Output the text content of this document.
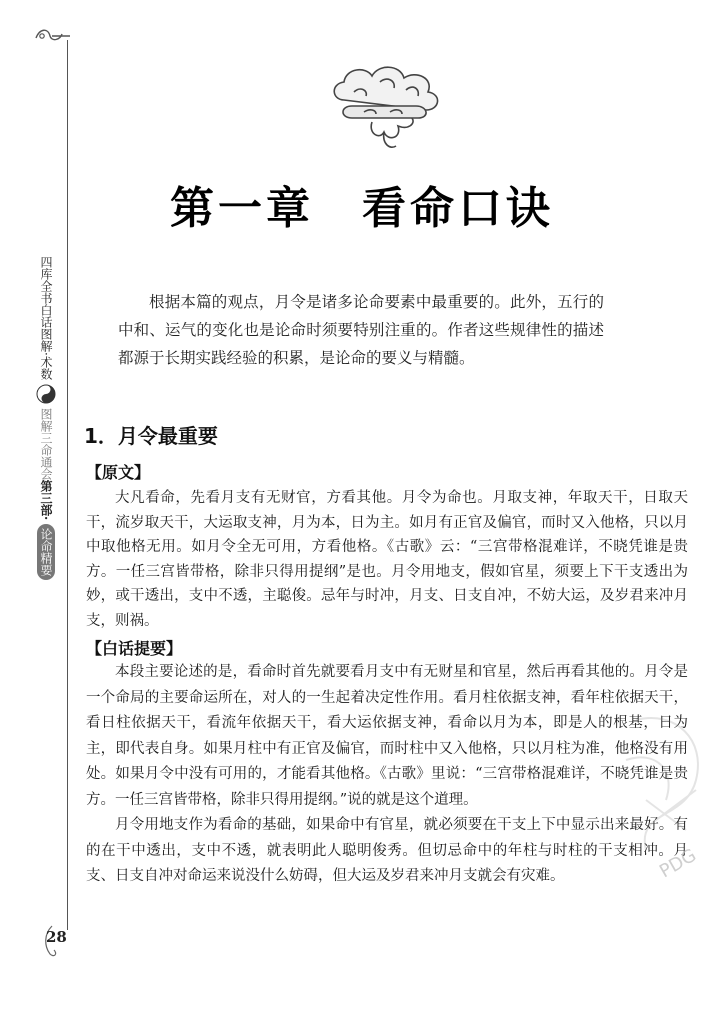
四库全书白话图解·术数
图解三命通会
第三部·
论命精要
第一章　看命口诀

根据本篇的观点，月令是诸多论命要素中最重要的。此外，五行的中和、运气的变化也是论命时须要特别注重的。作者这些规律性的描述都源于长期实践经验的积累，是论命的要义与精髓。

1．月令最重要
【原文】

大凡看命，先看月支有无财官，方看其他。月令为命也。月取支神，年取天干，日取天干，流岁取天干，大运取支神，月为本，日为主。如月有正官及偏官，而时又入他格，只以月中取他格无用。如月令全无可用，方看他格。《古歌》云：“三宫带格混难详，不晓凭谁是贵方。一任三宫皆带格，除非只得用提纲”是也。月令用地支，假如官星，须要上下干支透出为妙，或干透出，支中不透，主聪俊。忌年与时冲，月支、日支自冲，不妨大运，及岁君来冲月支，则祸。

【白话提要】

本段主要论述的是，看命时首先就要看月支中有无财星和官星，然后再看其他的。月令是一个命局的主要命运所在，对人的一生起着决定性作用。看月柱依据支神，看年柱依据天干，看日柱依据天干，看流年依据天干，看大运依据支神，看命以月为本，即是人的根基，日为主，即代表自身。如果月柱中有正官及偏官，而时柱中又入他格，只以月柱为准，他格没有用处。如果月令中没有可用的，才能看其他格。《古歌》里说：“三宫带格混难详，不晓凭谁是贵方。一任三宫皆带格，除非只得用提纲。”说的就是这个道理。

月令用地支作为看命的基础，如果命中有官星，就必须要在干支上下中显示出来最好。有的在干中透出，支中不透，就表明此人聪明俊秀。但切忌命中的年柱与时柱的干支相冲。月支、日支自冲对命运来说没什么妨碍，但大运及岁君来冲月支就会有灾难。	PDG
28
